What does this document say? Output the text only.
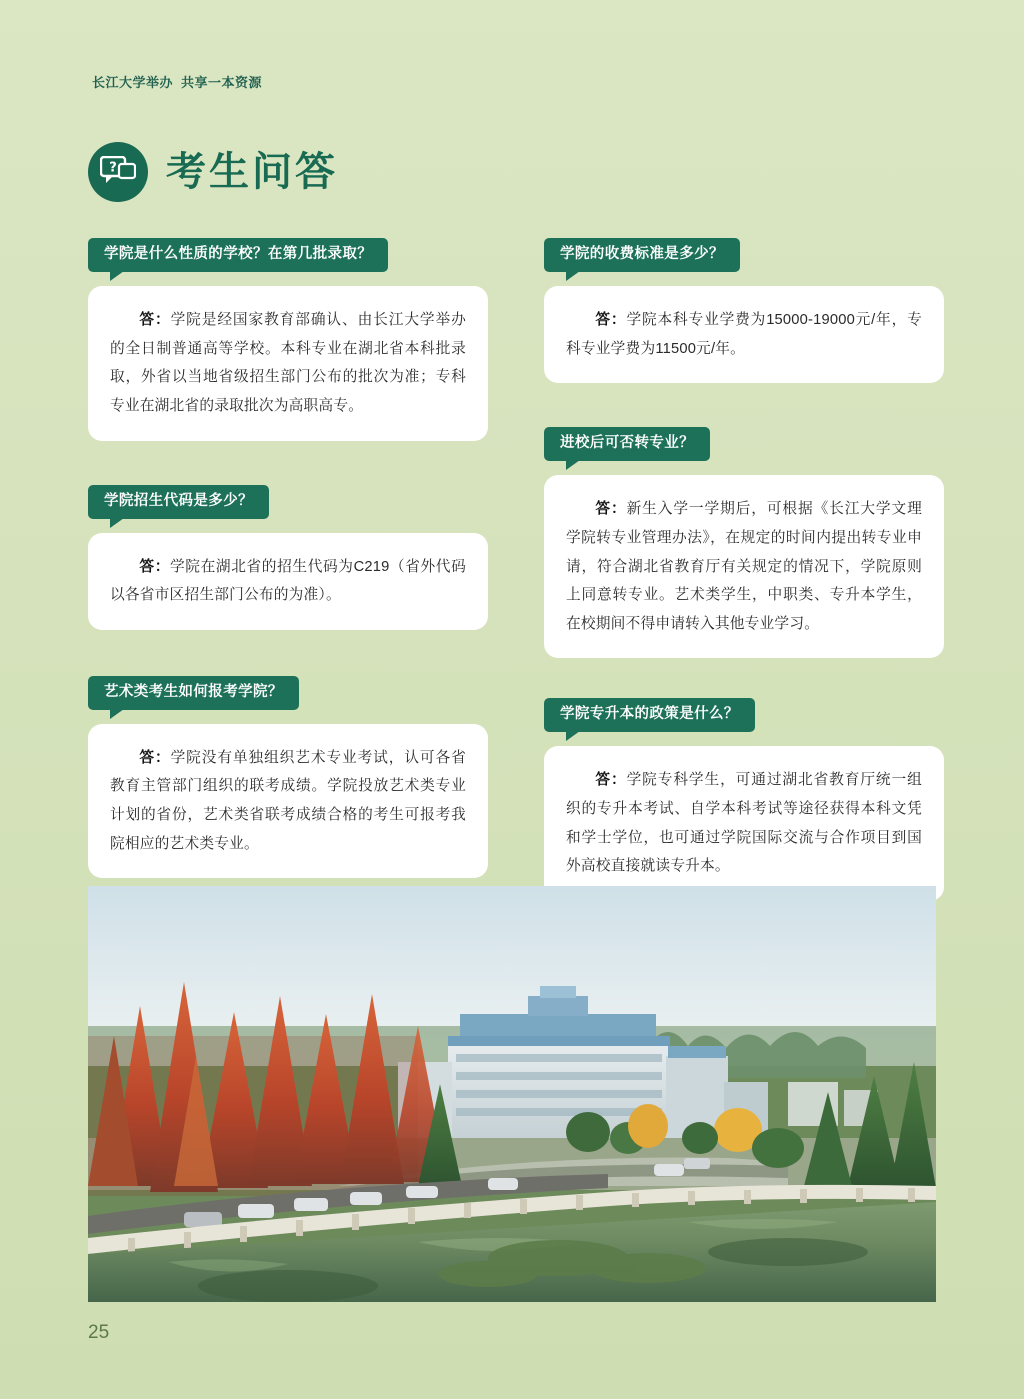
长江大学举办 共享一本资源
? 考生问答
学院是什么性质的学校？在第几批录取？

答：学院是经国家教育部确认、由长江大学举办的全日制普通高等学校。本科专业在湖北省本科批录取，外省以当地省级招生部门公布的批次为准；专科专业在湖北省的录取批次为高职高专。

学院招生代码是多少？

答：学院在湖北省的招生代码为C219（省外代码以各省市区招生部门公布的为准）。

艺术类考生如何报考学院？

答：学院没有单独组织艺术专业考试，认可各省教育主管部门组织的联考成绩。学院投放艺术类专业计划的省份，艺术类省联考成绩合格的考生可报考我院相应的艺术类专业。

学院的收费标准是多少？

答：学院本科专业学费为15000-19000元/年，专科专业学费为11500元/年。

进校后可否转专业？

答：新生入学一学期后，可根据《长江大学文理学院转专业管理办法》，在规定的时间内提出转专业申请，符合湖北省教育厅有关规定的情况下，学院原则上同意转专业。艺术类学生，中职类、专升本学生，在校期间不得申请转入其他专业学习。

学院专升本的政策是什么？

答：学院专科学生，可通过湖北省教育厅统一组织的专升本考试、自学本科考试等途径获得本科文凭和学士学位，也可通过学院国际交流与合作项目到国外高校直接就读专升本。

25
